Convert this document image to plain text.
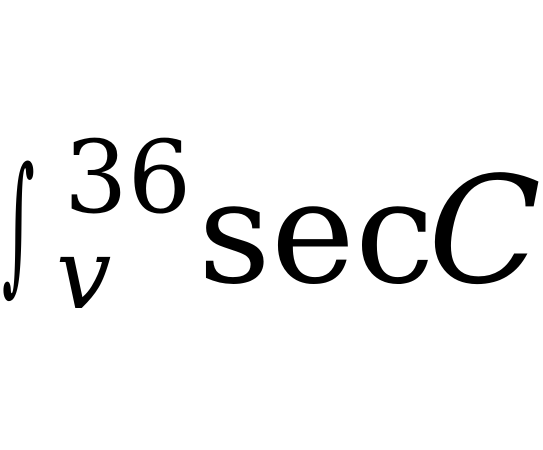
∫ 36
v sec
C
